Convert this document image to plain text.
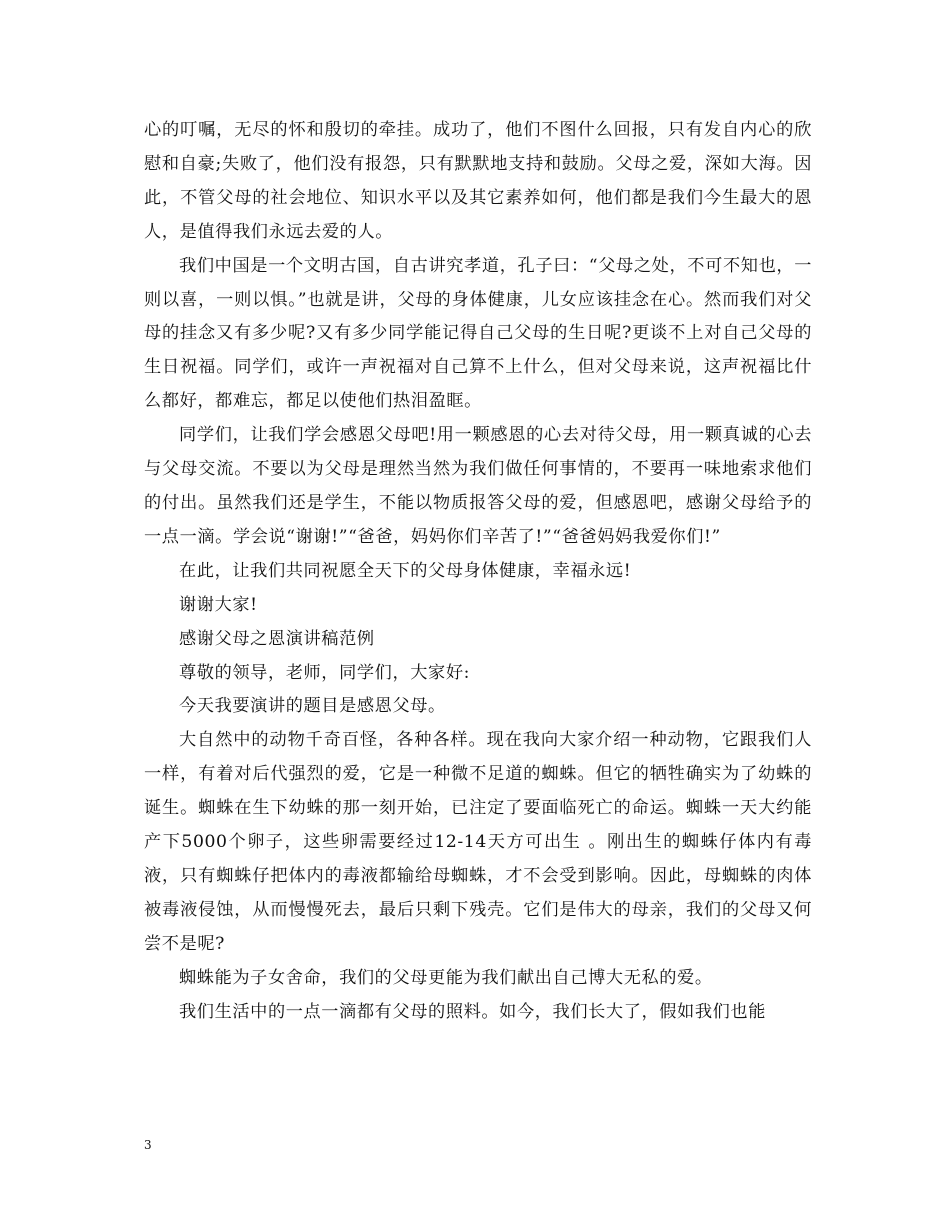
心的叮嘱，无尽的怀和殷切的牵挂。成功了，他们不图什么回报，只有发自内心的欣慰和自豪;失败了，他们没有报怨，只有默默地支持和鼓励。父母之爱，深如大海。因此，不管父母的社会地位、知识水平以及其它素养如何，他们都是我们今生最大的恩人，是值得我们永远去爱的人。

我们中国是一个文明古国，自古讲究孝道，孔子曰：“父母之处，不可不知也，一则以喜，一则以惧。”也就是讲，父母的身体健康，儿女应该挂念在心。然而我们对父母的挂念又有多少呢?又有多少同学能记得自己父母的生日呢?更谈不上对自己父母的生日祝福。同学们，或许一声祝福对自己算不上什么，但对父母来说，这声祝福比什么都好，都难忘，都足以使他们热泪盈眶。

同学们，让我们学会感恩父母吧!用一颗感恩的心去对待父母，用一颗真诚的心去与父母交流。不要以为父母是理然当然为我们做任何事情的，不要再一味地索求他们的付出。虽然我们还是学生，不能以物质报答父母的爱，但感恩吧，感谢父母给予的一点一滴。学会说“谢谢!”“爸爸，妈妈你们辛苦了!”“爸爸妈妈我爱你们!”

在此，让我们共同祝愿全天下的父母身体健康，幸福永远!

谢谢大家!

感谢父母之恩演讲稿范例

尊敬的领导，老师，同学们，大家好:

今天我要演讲的题目是感恩父母。

大自然中的动物千奇百怪，各种各样。现在我向大家介绍一种动物，它跟我们人一样，有着对后代强烈的爱，它是一种微不足道的蜘蛛。但它的牺牲确实为了幼蛛的诞生。蜘蛛在生下幼蛛的那一刻开始，已注定了要面临死亡的命运。蜘蛛一天大约能产下5000个卵子，这些卵需要经过12-14天方可出生 。刚出生的蜘蛛仔体内有毒液，只有蜘蛛仔把体内的毒液都输给母蜘蛛，才不会受到影响。因此，母蜘蛛的肉体被毒液侵蚀，从而慢慢死去，最后只剩下残壳。它们是伟大的母亲，我们的父母又何尝不是呢?

蜘蛛能为子女舍命，我们的父母更能为我们献出自己博大无私的爱。

我们生活中的一点一滴都有父母的照料。如今，我们长大了，假如我们也能

3
